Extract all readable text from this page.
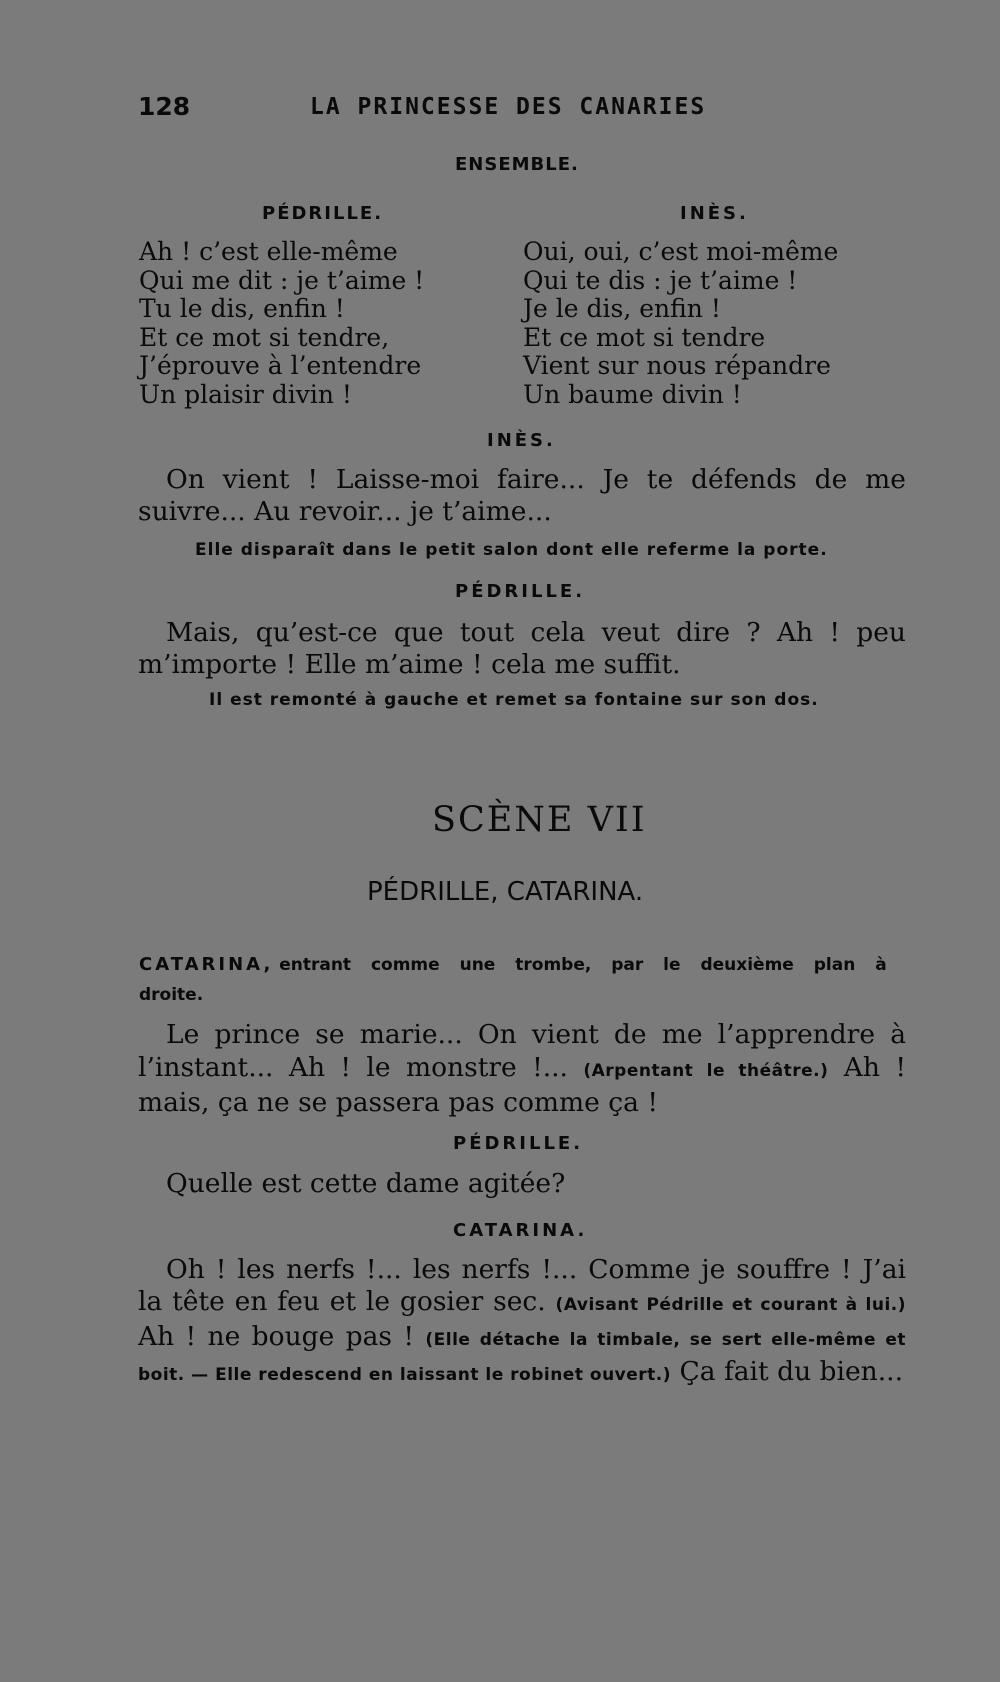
128	LA PRINCESSE DES CANARIES
ENSEMBLE.
PÉDRILLE.	INÈS.
Ah ! c’est elle-même
Qui me dit : je t’aime !
Tu le dis, enfin !
Et ce mot si tendre,
J’éprouve à l’entendre
Un plaisir divin !
Oui, oui, c’est moi-même
Qui te dis : je t’aime !
Je le dis, enfin !
Et ce mot si tendre
Vient sur nous répandre
Un baume divin !
INÈS.
On vient ! Laisse-moi faire... Je te défends de me suivre... Au revoir... je t’aime...
Elle disparaît dans le petit salon dont elle referme la porte.
PÉDRILLE.
Mais, qu’est-ce que tout cela veut dire ? Ah ! peu m’importe ! Elle m’aime ! cela me suffit.
Il est remonté à gauche et remet sa fontaine sur son dos.
SCÈNE VII
PÉDRILLE, CATARINA.
CATARINA, entrant comme une trombe, par le deuxième plan à droite.
Le prince se marie... On vient de me l’apprendre à l’instant... Ah ! le monstre !... (Arpentant le théâtre.) Ah ! mais, ça ne se passera pas comme ça !
PÉDRILLE.
Quelle est cette dame agitée?
CATARINA.
Oh ! les nerfs !... les nerfs !... Comme je souffre ! J’ai la tête en feu et le gosier sec. (Avisant Pédrille et courant à lui.) Ah ! ne bouge pas ! (Elle détache la timbale, se sert elle-même et boit. — Elle redescend en laissant le robinet ouvert.) Ça fait du bien...
